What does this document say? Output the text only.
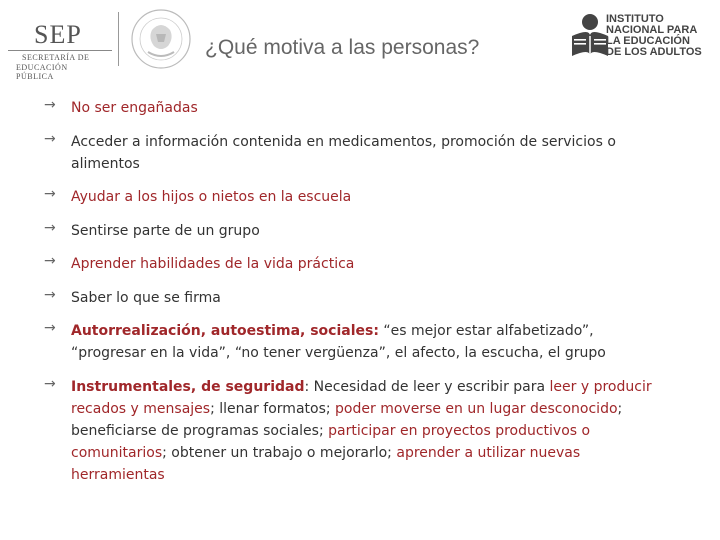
SEP
SECRETARÍA DE
EDUCACIÓN PÚBLICA
¿Qué motiva a las personas?
INSTITUTO
NACIONAL PARA
LA EDUCACIÓN
DE LOS ADULTOS
→ No ser engañadas
→ Acceder a información contenida en medicamentos, promoción de servicios o alimentos
→ Ayudar a los hijos o nietos en la escuela
→ Sentirse parte de un grupo
→ Aprender habilidades de la vida práctica
→ Saber lo que se firma
→ Autorrealización, autoestima, sociales: “es mejor estar alfabetizado”, “progresar en la vida”, “no tener vergüenza”, el afecto, la escucha, el grupo
→ Instrumentales, de seguridad: Necesidad de leer y escribir para leer y producir recados y mensajes; llenar formatos; poder moverse en un lugar desconocido; beneficiarse de programas sociales; participar en proyectos productivos o comunitarios; obtener un trabajo o mejorarlo; aprender a utilizar nuevas herramientas
